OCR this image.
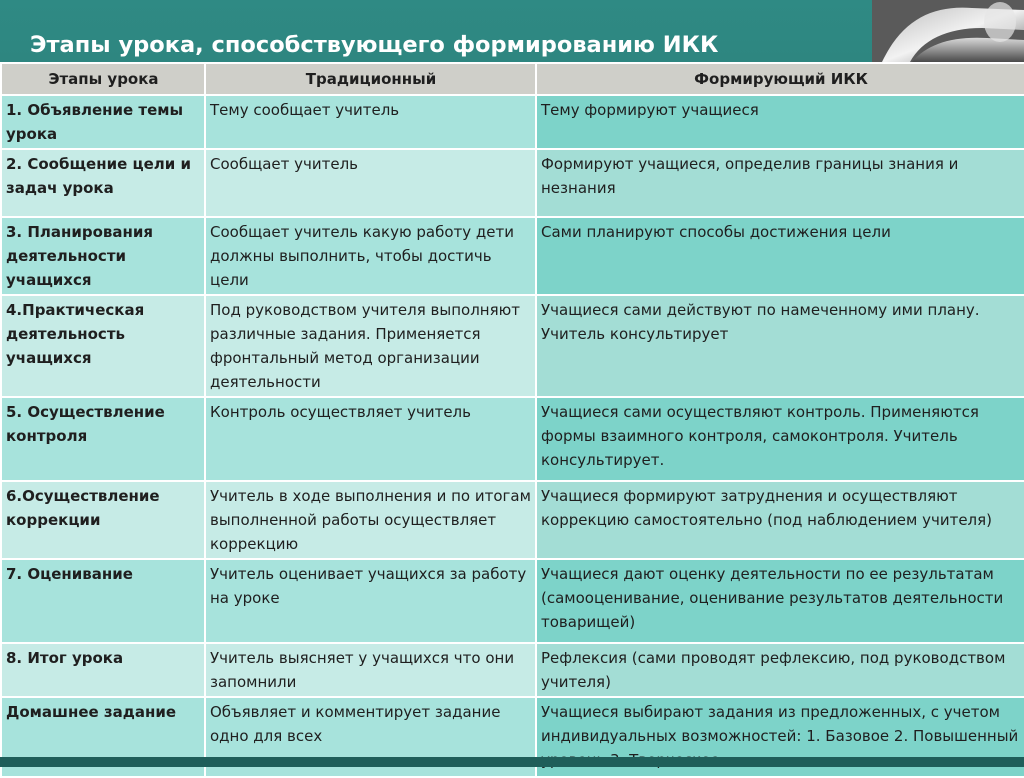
Этапы урока, способствующего формированию ИКК
Этапы урока	Традиционный	Формирующий ИКК
1. Объявление темы урока	Тему сообщает учитель	Тему формируют учащиеся
2. Сообщение цели и задач урока	Сообщает учитель	Формируют учащиеся, определив границы знания и незнания
3. Планирования деятельности учащихся	Сообщает учитель какую работу дети должны выполнить, чтобы достичь цели	Сами планируют способы достижения цели
4.Практическая деятельность учащихся	Под руководством учителя выполняют различные задания. Применяется фронтальный метод организации деятельности	Учащиеся сами действуют по намеченному ими плану. Учитель консультирует
5. Осуществление контроля	Контроль осуществляет учитель	Учащиеся сами осуществляют контроль. Применяются формы взаимного контроля, самоконтроля. Учитель консультирует.
6.Осуществление коррекции	Учитель в ходе выполнения и по итогам выполненной работы осуществляет коррекцию	Учащиеся формируют затруднения и осуществляют коррекцию самостоятельно (под наблюдением учителя)
7. Оценивание	Учитель оценивает учащихся за работу на уроке	Учащиеся дают оценку деятельности по ее результатам (самооценивание, оценивание результатов деятельности товарищей)
8. Итог урока	Учитель выясняет у учащихся что они запомнили	Рефлексия (сами проводят рефлексию, под руководством учителя)
Домашнее задание	Объявляет и комментирует задание одно для всех	Учащиеся выбирают задания из предложенных, с учетом индивидуальных возможностей: 1. Базовое 2. Повышенный
